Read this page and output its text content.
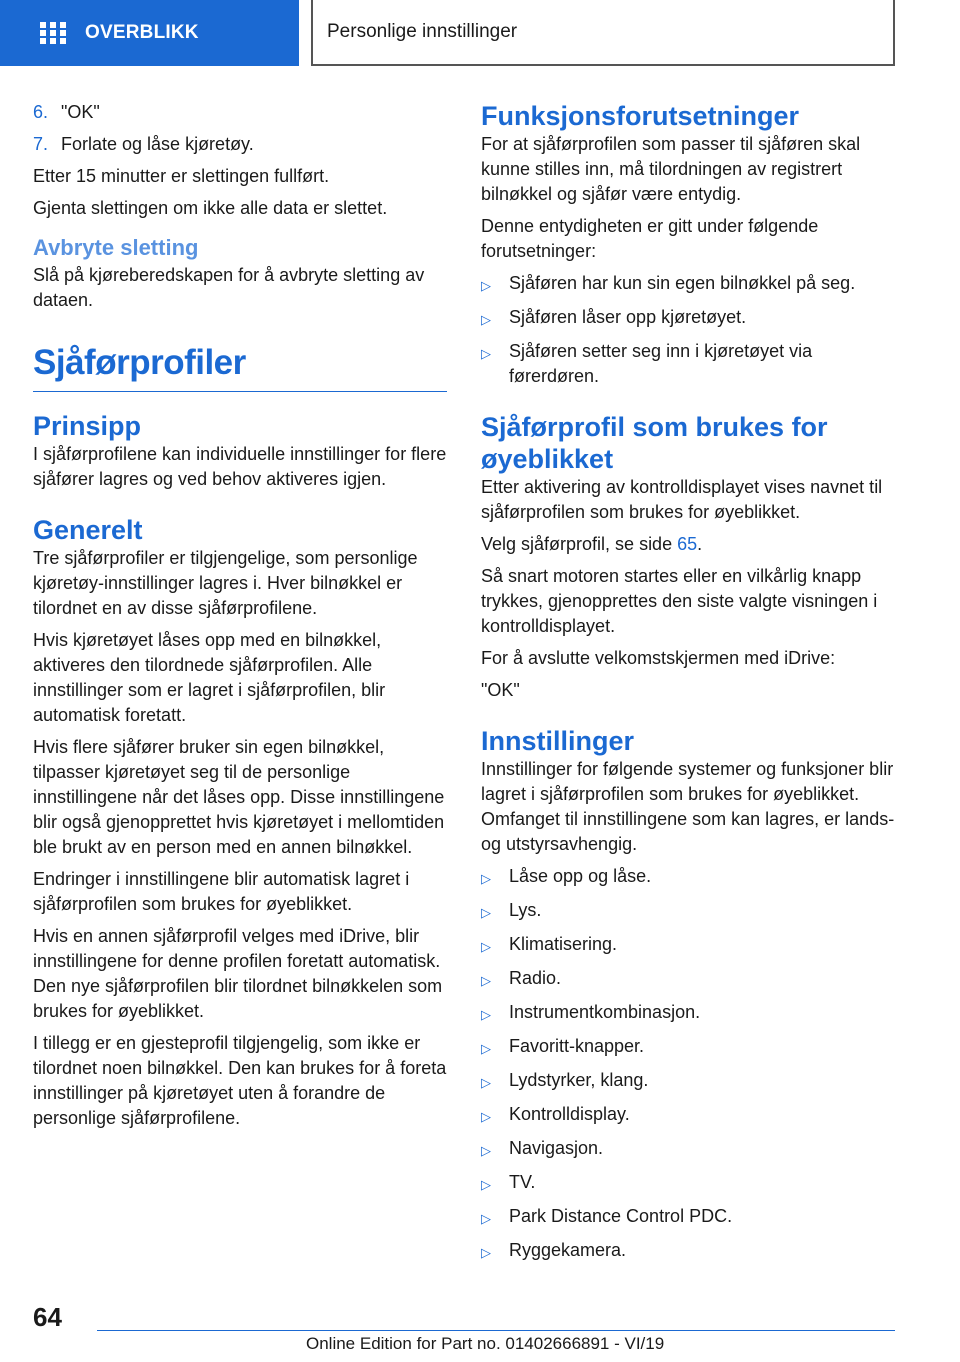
OVERBLIKK	Personlige innstillinger
6. "OK"
7. Forlate og låse kjøretøy.

Etter 15 minutter er slettingen fullført.

Gjenta slettingen om ikke alle data er slettet.

Avbryte sletting

Slå på kjøreberedskapen for å avbryte sletting av dataen.

Sjåførprofiler
Prinsipp

I sjåførprofilene kan individuelle innstillinger for flere sjåfører lagres og ved behov aktiveres igjen.

Generelt

Tre sjåførprofiler er tilgjengelige, som personlige kjøretøy-innstillinger lagres i. Hver bilnøkkel er tilordnet en av disse sjåførprofilene.

Hvis kjøretøyet låses opp med en bilnøkkel, aktiveres den tilordnede sjåførprofilen. Alle innstillinger som er lagret i sjåførprofilen, blir automatisk foretatt.

Hvis flere sjåfører bruker sin egen bilnøkkel, tilpasser kjøretøyet seg til de personlige innstillingene når det låses opp. Disse innstillingene blir også gjenopprettet hvis kjøretøyet i mellomtiden ble brukt av en person med en annen bilnøkkel.

Endringer i innstillingene blir automatisk lagret i sjåførprofilen som brukes for øyeblikket.

Hvis en annen sjåførprofil velges med iDrive, blir innstillingene for denne profilen foretatt automatisk. Den nye sjåførprofilen blir tilordnet bilnøkkelen som brukes for øyeblikket.

I tillegg er en gjesteprofil tilgjengelig, som ikke er tilordnet noen bilnøkkel. Den kan brukes for å foreta innstillinger på kjøretøyet uten å forandre de personlige sjåførprofilene.

Funksjonsforutsetninger

For at sjåførprofilen som passer til sjåføren skal kunne stilles inn, må tilordningen av registrert bilnøkkel og sjåfør være entydig.

Denne entydigheten er gitt under følgende forutsetninger:

▷	Sjåføren har kun sin egen bilnøkkel på seg.
▷	Sjåføren låser opp kjøretøyet.
▷	Sjåføren setter seg inn i kjøretøyet via førerdøren.
Sjåførprofil som brukes for øyeblikket

Etter aktivering av kontrolldisplayet vises navnet til sjåførprofilen som brukes for øyeblikket.

Velg sjåførprofil, se side 65.

Så snart motoren startes eller en vilkårlig knapp trykkes, gjenopprettes den siste valgte visningen i kontrolldisplayet.

For å avslutte velkomstskjermen med iDrive:

"OK"

Innstillinger

Innstillinger for følgende systemer og funksjoner blir lagret i sjåførprofilen som brukes for øyeblikket. Omfanget til innstillingene som kan lagres, er lands- og utstyrsavhengig.

▷	Låse opp og låse.
▷	Lys.
▷	Klimatisering.
▷	Radio.
▷	Instrumentkombinasjon.
▷	Favoritt-knapper.
▷	Lydstyrker, klang.
▷	Kontrolldisplay.
▷	Navigasjon.
▷	TV.
▷	Park Distance Control PDC.
▷	Ryggekamera.
64
Online Edition for Part no. 01402666891 - VI/19
